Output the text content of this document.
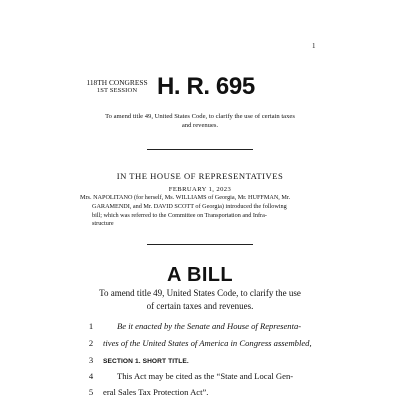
1
118TH CONGRESS
1ST SESSION H. R. 695
To amend title 49, United States Code, to clarify the use of certain taxes
and revenues.
IN THE HOUSE OF REPRESENTATIVES
FEBRUARY 1, 2023

Mrs. NAPOLITANO (for herself, Ms. WILLIAMS of Georgia, Mr. HUFFMAN, Mr.

GARAMENDI, and Mr. DAVID SCOTT of Georgia) introduced the following

bill; which was referred to the Committee on Transportation and Infra-

structure

A BILL
To amend title 49, United States Code, to clarify the use
of certain taxes and revenues.
1	Be it enacted by the Senate and House of Representa-
2	tives of the United States of America in Congress assembled,
3	SECTION 1. SHORT TITLE.
4	This Act may be cited as the “State and Local Gen-
5	eral Sales Tax Protection Act”.
